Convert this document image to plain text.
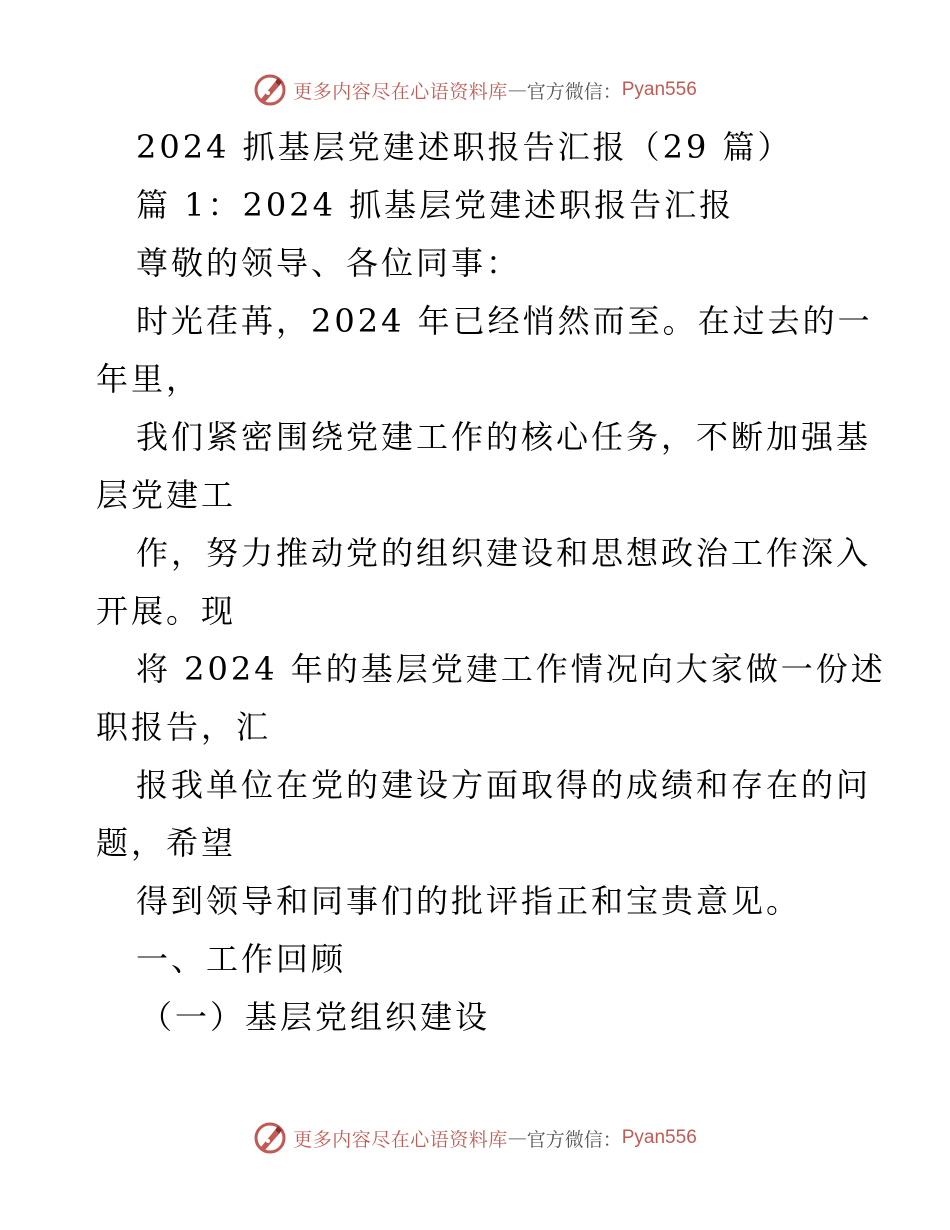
更多内容尽在心语资料库 — 官方微信： Pyan556
2024 抓基层党建述职报告汇报（29 篇）
篇 1：2024 抓基层党建述职报告汇报
尊敬的领导、各位同事：
时光荏苒，2024 年已经悄然而至。在过去的一
年里，
我们紧密围绕党建工作的核心任务，不断加强基
层党建工
作，努力推动党的组织建设和思想政治工作深入
开展。现
将 2024 年的基层党建工作情况向大家做一份述
职报告，汇
报我单位在党的建设方面取得的成绩和存在的问
题，希望
得到领导和同事们的批评指正和宝贵意见。
一、工作回顾
（一）基层党组织建设
更多内容尽在心语资料库 — 官方微信： Pyan556
